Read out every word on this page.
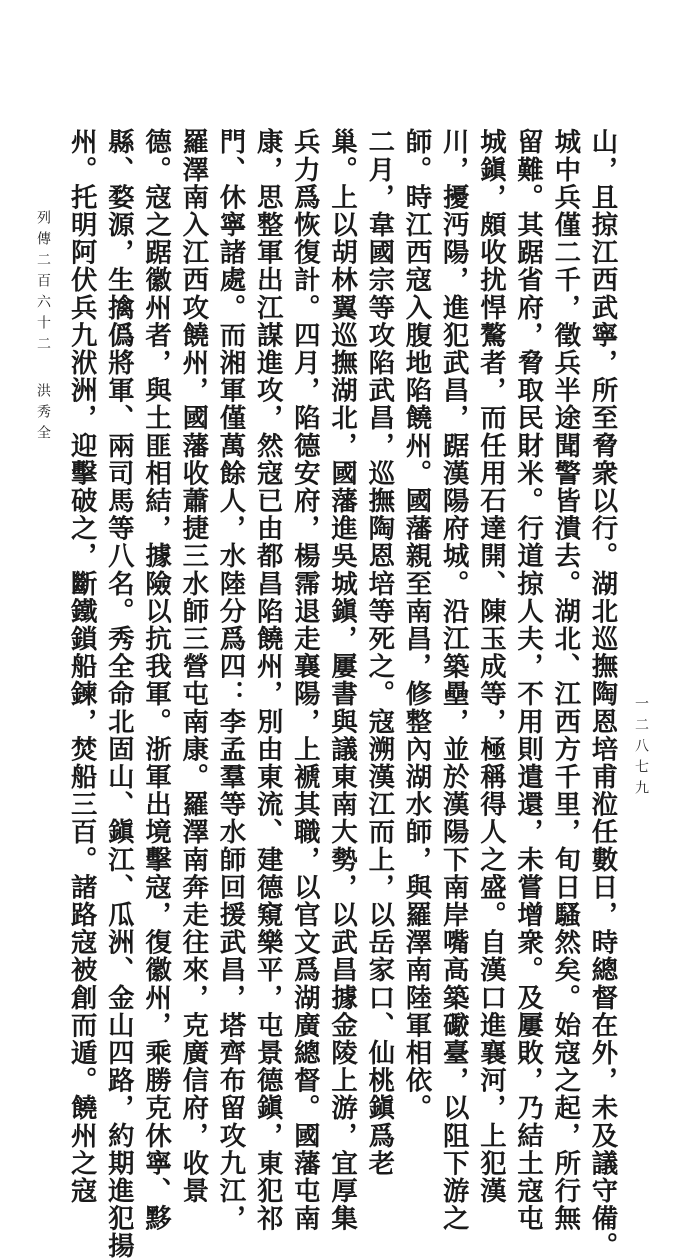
山，且掠江西武寧，所至脅衆以行。湖北巡撫陶恩培甫涖任數日，時總督在外，未及議守備。
城中兵僅二千，徵兵半途聞警皆潰去。湖北、江西方千里，旬日騷然矣。始寇之起，所行無
留難。其踞省府，脅取民財米。行道掠人夫，不用則遣還，未嘗增衆。及屢敗，乃結土寇屯
城鎭，頗收扰悍驁者，而任用石達開、陳玉成等，極稱得人之盛。自漢口進襄河，上犯漢
川，擾沔陽，進犯武昌，踞漢陽府城。沿江築壘，並於漢陽下南岸嘴高築礮臺，以阻下游之
師。時江西寇入腹地陷饒州。國藩親至南昌，修整內湖水師，與羅澤南陸軍相依。
二月，韋國宗等攻陷武昌，巡撫陶恩培等死之。寇溯漢江而上，以岳家口、仙桃鎭爲老
巢。上以胡林翼巡撫湖北，國藩進吳城鎭，屢書與議東南大勢，以武昌據金陵上游，宜厚集
兵力爲恢復計。四月，陷德安府，楊霈退走襄陽，上褫其職，以官文爲湖廣總督。國藩屯南
康，思整軍出江謀進攻，然寇已由都昌陷饒州，別由東流、建德窺樂平，屯景德鎭，東犯祁
門、休寧諸處。而湘軍僅萬餘人，水陸分爲四：李孟羣等水師回援武昌，塔齊布留攻九江，
羅澤南入江西攻饒州，國藩收蕭捷三水師三營屯南康。羅澤南奔走往來，克廣信府，收景
德。寇之踞徽州者，與土匪相結，據險以抗我軍。浙軍出境擊寇，復徽州，乘勝克休寧、黟
縣、婺源，生擒僞將軍、兩司馬等八名。秀全命北固山、鎭江、瓜洲、金山四路，約期進犯揚
州。托明阿伏兵九洑洲，迎擊破之，斷鐵鎖船鍊，焚船三百。諸路寇被創而遁。饒州之寇
列傳二百六十二洪秀全
一二八七九
